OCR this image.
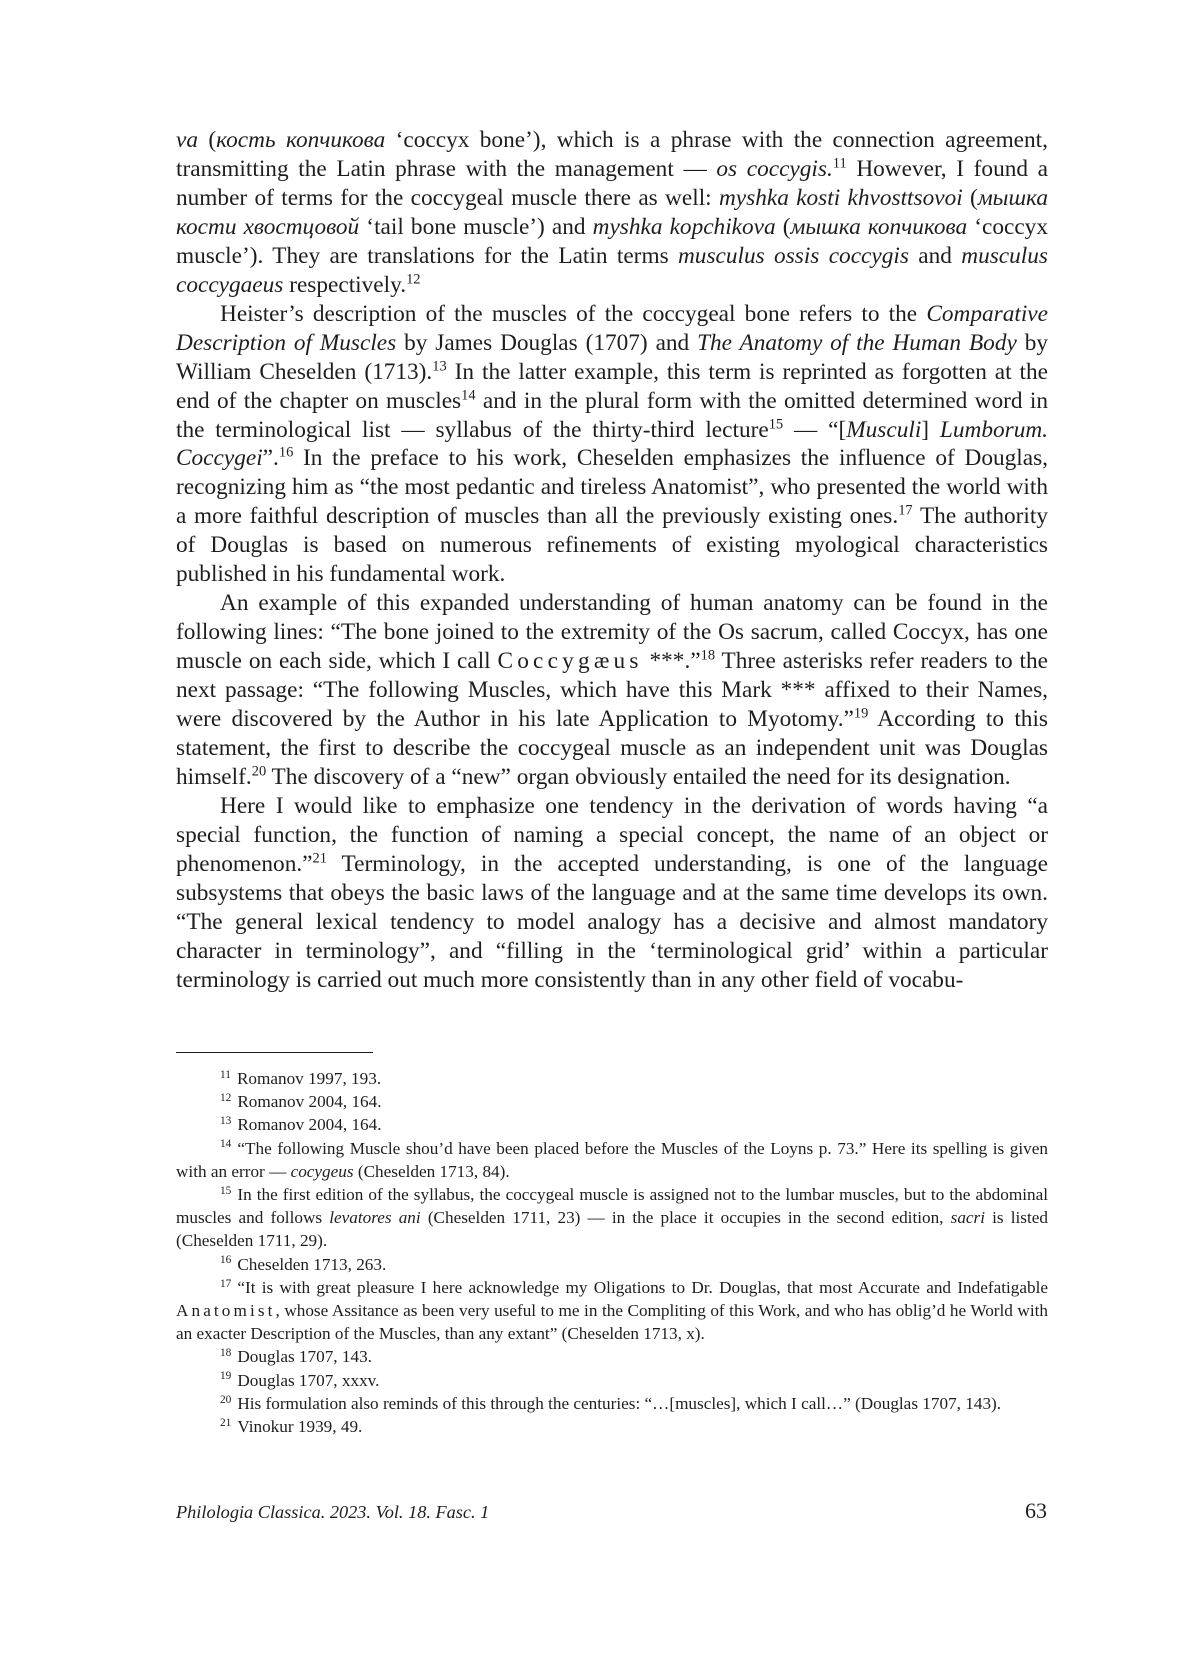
va (кость копчикова ‘coccyx bone’), which is a phrase with the connection agreement, transmitting the Latin phrase with the management — os coccygis.$^{11}$ However, I found a number of terms for the coccygeal muscle there as well: myshka kosti khvosttsovoi (мышка кости хвостцовой ‘tail bone muscle’) and myshka kopchikova (мышка копчикова ‘coccyx muscle’). They are translations for the Latin terms musculus ossis coccygis and musculus coccygaeus respectively.$^{12}$

Heister’s description of the muscles of the coccygeal bone refers to the Comparative Description of Muscles by James Douglas (1707) and The Anatomy of the Human Body by William Cheselden (1713).$^{13}$ In the latter example, this term is reprinted as forgotten at the end of the chapter on muscles$^{14}$ and in the plural form with the omitted determined word in the terminological list — syllabus of the thirty-third lecture$^{15}$ — “[Musculi] Lumborum. Coccygei”.$^{16}$ In the preface to his work, Cheselden emphasizes the influence of Douglas, recognizing him as “the most pedantic and tireless Anatomist”, who presented the world with a more faithful description of muscles than all the previously existing ones.$^{17}$ The authority of Douglas is based on numerous refinements of existing myological characteristics published in his fundamental work.

An example of this expanded understanding of human anatomy can be found in the following lines: “The bone joined to the extremity of the Os sacrum, called Coccyx, has one muscle on each side, which I call Coccygæus ***.”$^{18}$ Three asterisks refer readers to the next passage: “The following Muscles, which have this Mark *** affixed to their Names, were discovered by the Author in his late Application to Myotomy.”$^{19}$ According to this statement, the first to describe the coccygeal muscle as an independent unit was Douglas himself.$^{20}$ The discovery of a “new” organ obviously entailed the need for its designation.

Here I would like to emphasize one tendency in the derivation of words having “a special function, the function of naming a special concept, the name of an object or phenomenon.”$^{21}$ Terminology, in the accepted understanding, is one of the language subsystems that obeys the basic laws of the language and at the same time develops its own. “The general lexical tendency to model analogy has a decisive and almost mandatory character in terminology”, and “filling in the ‘terminological grid’ within a particular terminology is carried out much more consistently than in any other field of vocabu-

$^{11}$ Romanov 1997, 193.
$^{12}$ Romanov 2004, 164.
$^{13}$ Romanov 2004, 164.
$^{14}$ “The following Muscle shou’d have been placed before the Muscles of the Loyns p. 73.” Here its spelling is given with an error — cocygeus (Cheselden 1713, 84).
$^{15}$ In the first edition of the syllabus, the coccygeal muscle is assigned not to the lumbar muscles, but to the abdominal muscles and follows levatores ani (Cheselden 1711, 23) — in the place it occupies in the second edition, sacri is listed (Cheselden 1711, 29).
$^{16}$ Cheselden 1713, 263.
$^{17}$ “It is with great pleasure I here acknowledge my Oligations to Dr. Douglas, that most Accurate and Indefatigable Anatomist, whose Assitance as been very useful to me in the Compliting of this Work, and who has oblig’d he World with an exacter Description of the Muscles, than any extant” (Cheselden 1713, x).
$^{18}$ Douglas 1707, 143.
$^{19}$ Douglas 1707, xxxv.
$^{20}$ His formulation also reminds of this through the centuries: “…[muscles], which I call…” (Douglas 1707, 143).
$^{21}$ Vinokur 1939, 49.
Philologia Classica. 2023. Vol. 18. Fasc. 1	63
